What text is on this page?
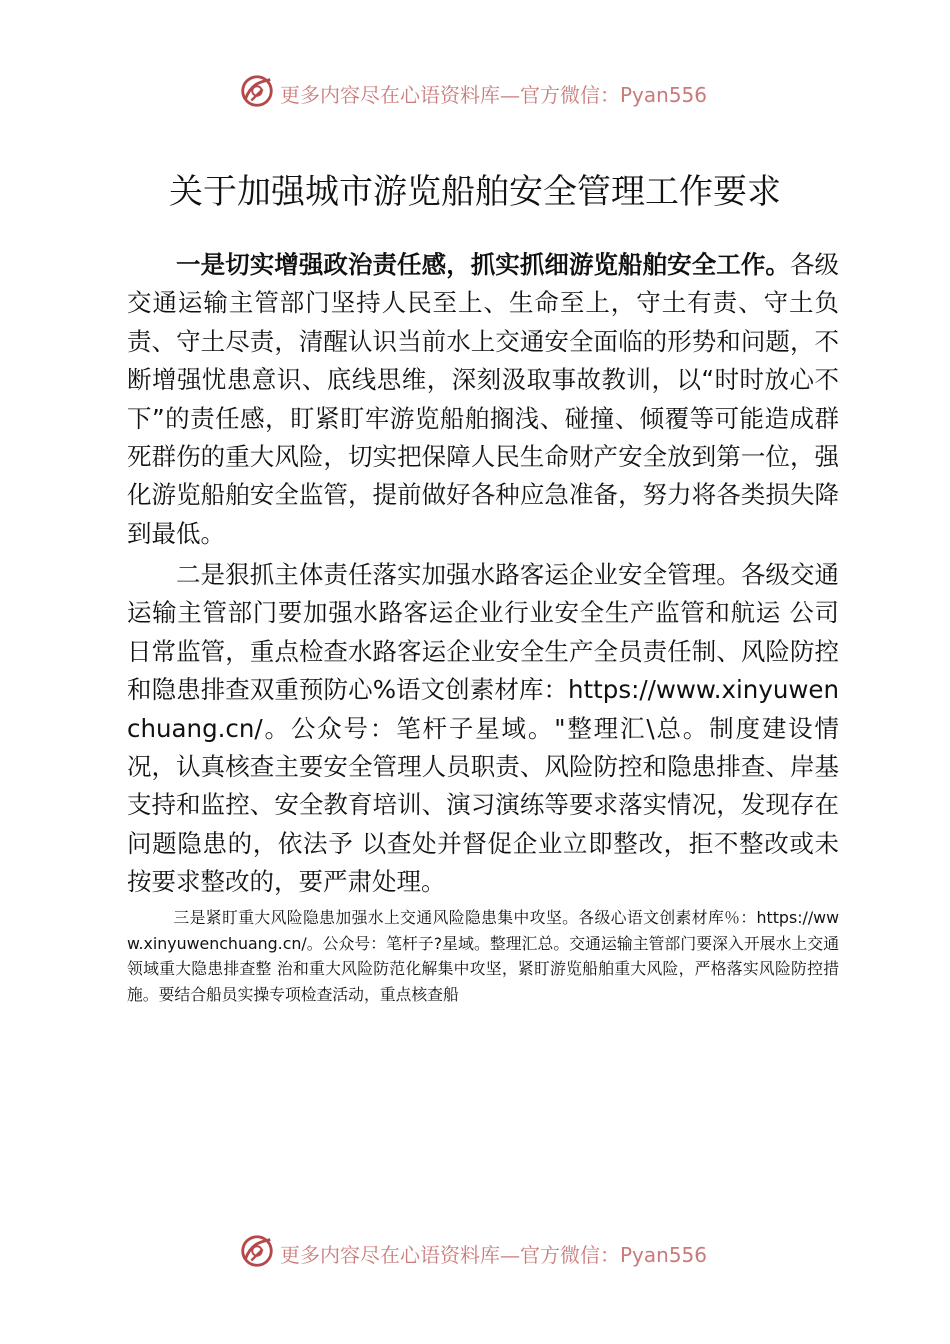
更多内容尽在心语资料库—官方微信：Pyan556
关于加强城市游览船舶安全管理工作要求
一是切实增强政治责任感，抓实抓细游览船舶安全工作。各级交通运输主管部门坚持人民至上、生命至上，守土有责、守土负责、守土尽责，清醒认识当前水上交通安全面临的形势和问题，不断增强忧患意识、底线思维，深刻汲取事故教训，以“时时放心不下”的责任感，盯紧盯牢游览船舶搁浅、碰撞、倾覆等可能造成群死群伤的重大风险，切实把保障人民生命财产安全放到第一位，强化游览船舶安全监管，提前做好各种应急准备，努力将各类损失降到最低。
二是狠抓主体责任落实加强水路客运企业安全管理。各级交通运输主管部门要加强水路客运企业行业安全生产监管和航运 公司日常监管，重点检查水路客运企业安全生产全员责任制、风险防控和隐患排查双重预防心%语文创素材库：https://www.xinyuwenchuang.cn/。公众号：笔杆子星域。"整理汇\总。制度建设情况，认真核查主要安全管理人员职责、风险防控和隐患排查、岸基支持和监控、安全教育培训、演习演练等要求落实情况，发现存在问题隐患的，依法予 以查处并督促企业立即整改，拒不整改或未按要求整改的，要严肃处理。
三是紧盯重大风险隐患加强水上交通风险隐患集中攻坚。各级心语文创素材库％：https://www.xinyuwenchuang.cn/。公众号：笔杆子?星域。整理汇总。交通运输主管部门要深入开展水上交通领域重大隐患排查整 治和重大风险防范化解集中攻坚，紧盯游览船舶重大风险，严格落实风险防控措施。要结合船员实操专项检查活动，重点核查船
更多内容尽在心语资料库—官方微信：Pyan556
